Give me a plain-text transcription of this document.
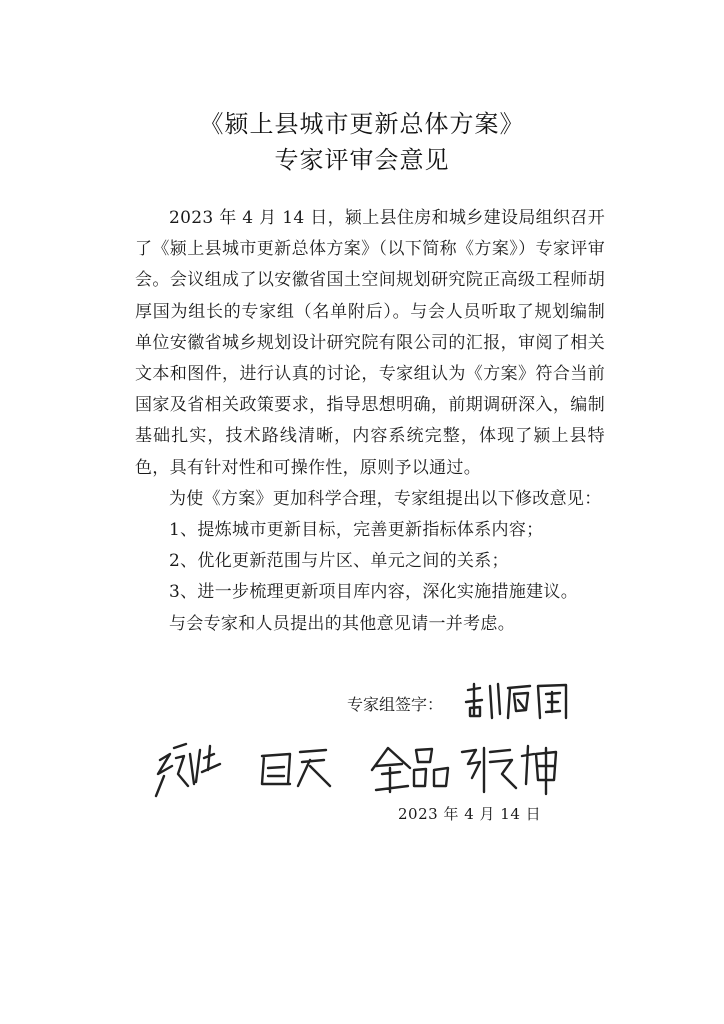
《颍上县城市更新总体方案》
专家评审会意见

2023 年 4 月 14 日，颍上县住房和城乡建设局组织召开了《颍上县城市更新总体方案》（以下简称《方案》）专家评审会。会议组成了以安徽省国土空间规划研究院正高级工程师胡厚国为组长的专家组（名单附后）。与会人员听取了规划编制单位安徽省城乡规划设计研究院有限公司的汇报，审阅了相关文本和图件，进行认真的讨论，专家组认为《方案》符合当前国家及省相关政策要求，指导思想明确，前期调研深入，编制基础扎实，技术路线清晰，内容系统完整，体现了颍上县特色，具有针对性和可操作性，原则予以通过。

为使《方案》更加科学合理，专家组提出以下修改意见：

1、提炼城市更新目标，完善更新指标体系内容；

2、优化更新范围与片区、单元之间的关系；

3、进一步梳理更新项目库内容，深化实施措施建议。

与会专家和人员提出的其他意见请一并考虑。

专家组签字：
2023 年 4 月 14 日
